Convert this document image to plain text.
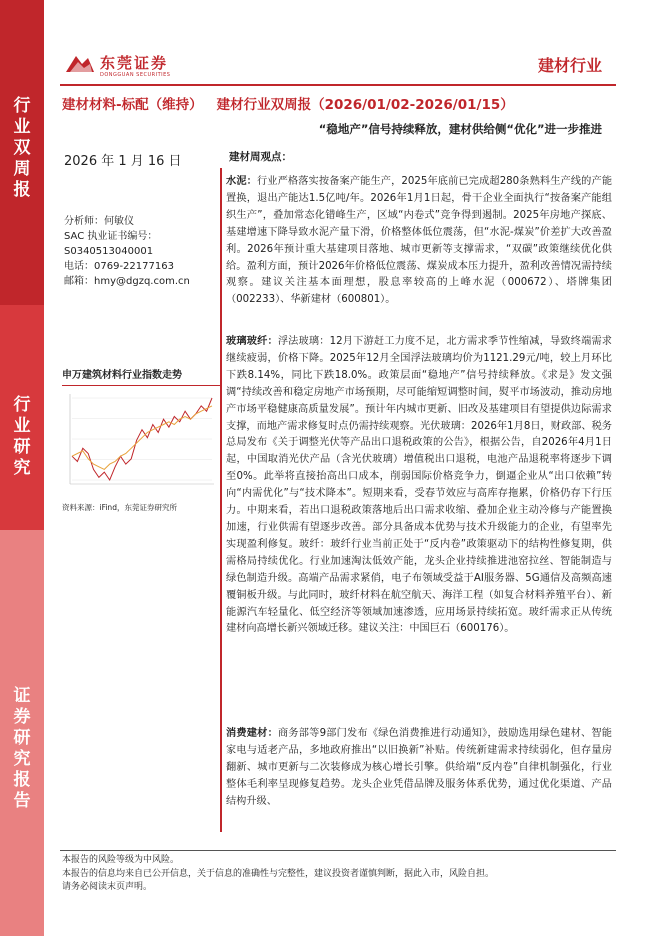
行
业
双
周
报
行
业
研
究
证
券
研
究
报
告
东莞证券
DONGGUAN SECURITIES	建材行业
建材材料-标配（维持） 建材行业双周报（2026/01/02-2026/01/15）
“稳地产”信号持续释放，建材供给侧“优化”进一步推进
2026 年 1 月 16 日
分析师：何敏仪
SAC 执业证书编号：
S0340513040001
电话：0769-22177163
邮箱：hmy@dgzq.com.cn
申万建筑材料行业指数走势
资料来源：iFind，东莞证券研究所
建材周观点：

水泥：行业严格落实按备案产能生产，2025年底前已完成超280条熟料生产线的产能置换，退出产能达1.5亿吨/年。2026年1月1日起，骨干企业全面执行“按备案产能组织生产”，叠加常态化错峰生产，区域“内卷式”竞争得到遏制。2025年房地产探底、基建增速下降导致水泥产量下滑，价格整体低位震荡，但“水泥-煤炭”价差扩大改善盈利。2026年预计重大基建项目落地、城市更新等支撑需求，“双碳”政策继续优化供给。盈利方面，预计2026年价格低位震荡、煤炭成本压力提升，盈利改善情况需持续观察。建议关注基本面理想，股息率较高的上峰水泥（000672）、塔牌集团（002233）、华新建材（600801）。

玻璃玻纤：浮法玻璃：12月下游赶工力度不足，北方需求季节性缩减，导致终端需求继续疲弱，价格下降。2025年12月全国浮法玻璃均价为1121.29元/吨，较上月环比下跌8.14%，同比下跌18.0%。政策层面“稳地产”信号持续释放。《求是》发文强调“持续改善和稳定房地产市场预期，尽可能缩短调整时间，熨平市场波动，推动房地产市场平稳健康高质量发展”。预计年内城市更新、旧改及基建项目有望提供边际需求支撑，而地产需求修复时点仍需持续观察。光伏玻璃：2026年1月8日，财政部、税务总局发布《关于调整光伏等产品出口退税政策的公告》，根据公告，自2026年4月1日起，中国取消光伏产品（含光伏玻璃）增值税出口退税，电池产品退税率将逐步下调至0%。此举将直接抬高出口成本，削弱国际价格竞争力，倒逼企业从“出口依赖”转向“内需优化”与“技术降本”。短期来看，受春节效应与高库存拖累，价格仍存下行压力。中期来看，若出口退税政策落地后出口需求收缩、叠加企业主动冷修与产能置换加速，行业供需有望逐步改善。部分具备成本优势与技术升级能力的企业，有望率先实现盈利修复。玻纤：玻纤行业当前正处于“反内卷”政策驱动下的结构性修复期，供需格局持续优化。行业加速淘汰低效产能，龙头企业持续推进池窑拉丝、智能制造与绿色制造升级。高端产品需求紧俏，电子布领域受益于AI服务器、5G通信及高频高速覆铜板升级。与此同时，玻纤材料在航空航天、海洋工程（如复合材料养殖平台）、新能源汽车轻量化、低空经济等领域加速渗透，应用场景持续拓宽。玻纤需求正从传统建材向高增长新兴领域迁移。建议关注：中国巨石（600176）。

消费建材：商务部等9部门发布《绿色消费推进行动通知》，鼓励选用绿色建材、智能家电与适老产品，多地政府推出“以旧换新”补贴。传统新建需求持续弱化，但存量房翻新、城市更新与二次装修成为核心增长引擎。供给端“反内卷”自律机制强化，行业整体毛利率呈现修复趋势。龙头企业凭借品牌及服务体系优势，通过优化渠道、产品结构升级、

本报告的风险等级为中风险。
本报告的信息均来自已公开信息，关于信息的准确性与完整性，建议投资者谨慎判断，据此入市，风险自担。
请务必阅读末页声明。
